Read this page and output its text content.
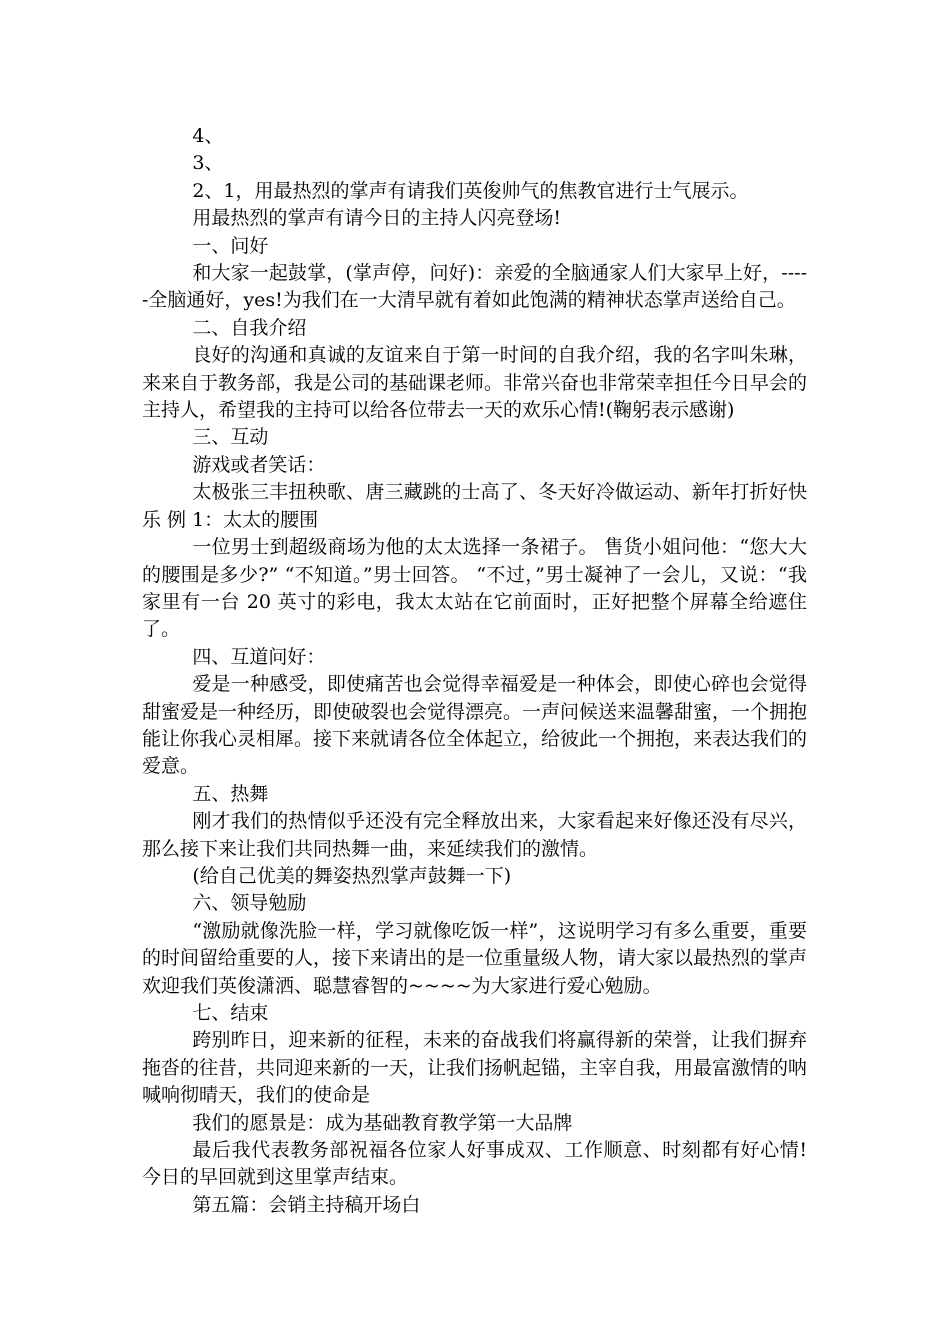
4、

3、

2、1，用最热烈的掌声有请我们英俊帅气的焦教官进行士气展示。

用最热烈的掌声有请今日的主持人闪亮登场!

一、问好

和大家一起鼓掌，(掌声停，问好)：亲爱的全脑通家人们大家早上好，-----全脑通好，yes!为我们在一大清早就有着如此饱满的精神状态掌声送给自己。

二、自我介绍

良好的沟通和真诚的友谊来自于第一时间的自我介绍，我的名字叫朱琳，来来自于教务部，我是公司的基础课老师。非常兴奋也非常荣幸担任今日早会的主持人，希望我的主持可以给各位带去一天的欢乐心情!(鞠躬表示感谢)

三、互动

游戏或者笑话：

太极张三丰扭秧歌、唐三藏跳的士高了、冬天好冷做运动、新年打折好快乐 例 1：太太的腰围

一位男士到超级商场为他的太太选择一条裙子。 售货小姐问他：“您大大的腰围是多少?” “不知道。”男士回答。 “不过，”男士凝神了一会儿，又说：“我家里有一台 20 英寸的彩电，我太太站在它前面时，正好把整个屏幕全给遮住了。

四、互道问好：

爱是一种感受，即使痛苦也会觉得幸福爱是一种体会，即使心碎也会觉得甜蜜爱是一种经历，即使破裂也会觉得漂亮。一声问候送来温馨甜蜜，一个拥抱能让你我心灵相犀。接下来就请各位全体起立，给彼此一个拥抱，来表达我们的爱意。

五、热舞

刚才我们的热情似乎还没有完全释放出来，大家看起来好像还没有尽兴，那么接下来让我们共同热舞一曲，来延续我们的激情。

(给自己优美的舞姿热烈掌声鼓舞一下)

六、领导勉励

“激励就像洗脸一样，学习就像吃饭一样”，这说明学习有多么重要，重要的时间留给重要的人，接下来请出的是一位重量级人物，请大家以最热烈的掌声欢迎我们英俊潇洒、聪慧睿智的~~~~为大家进行爱心勉励。

七、结束

跨别昨日，迎来新的征程，未来的奋战我们将赢得新的荣誉，让我们摒弃拖沓的往昔，共同迎来新的一天，让我们扬帆起锚，主宰自我，用最富激情的呐喊响彻晴天，我们的使命是

我们的愿景是：成为基础教育教学第一大品牌

最后我代表教务部祝福各位家人好事成双、工作顺意、时刻都有好心情! 今日的早回就到这里掌声结束。

第五篇：会销主持稿开场白
